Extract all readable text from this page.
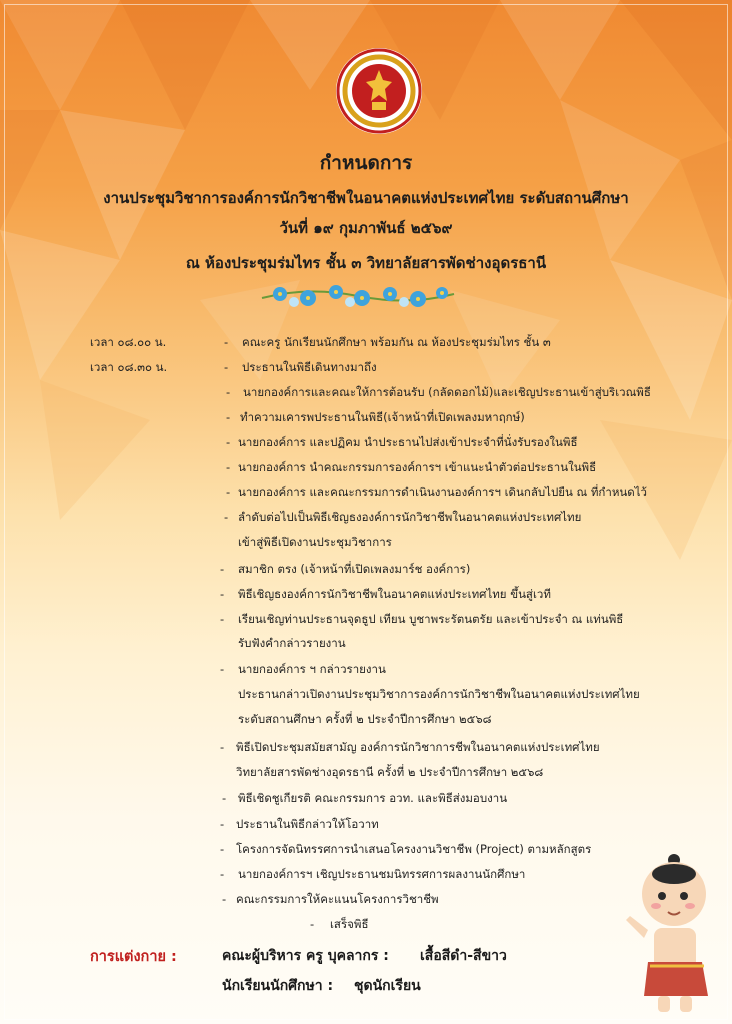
กำหนดการ
งานประชุมวิชาการองค์การนักวิชาชีพในอนาคตแห่งประเทศไทย ระดับสถานศึกษา
วันที่ ๑๙ กุมภาพันธ์ ๒๕๖๙
ณ ห้องประชุมร่มไทร ชั้น ๓ วิทยาลัยสารพัดช่างอุดรธานี
เวลา ๐๘.๐๐ น.	- คณะครู นักเรียนนักศึกษา พร้อมกัน ณ ห้องประชุมร่มไทร ชั้น ๓
เวลา ๐๘.๓๐ น.	- ประธานในพิธีเดินทางมาถึง
- นายกองค์การและคณะให้การต้อนรับ (กลัดดอกไม้)และเชิญประธานเข้าสู่บริเวณพิธี
- ทำความเคารพประธานในพิธี(เจ้าหน้าที่เปิดเพลงมหาฤกษ์)
- นายกองค์การ และปฏิคม นำประธานไปส่งเข้าประจำที่นั่งรับรองในพิธี
- นายกองค์การ นำคณะกรรมการองค์การฯ เข้าแนะนำตัวต่อประธานในพิธี
- นายกองค์การ และคณะกรรมการดำเนินงานองค์การฯ เดินกลับไปยืน ณ ที่กำหนดไว้
- ลำดับต่อไปเป็นพิธีเชิญธงองค์การนักวิชาชีพในอนาคตแห่งประเทศไทย
เข้าสู่พิธีเปิดงานประชุมวิชาการ
- สมาชิก ตรง (เจ้าหน้าที่เปิดเพลงมาร์ช องค์การ)
- พิธีเชิญธงองค์การนักวิชาชีพในอนาคตแห่งประเทศไทย ขึ้นสู่เวที
- เรียนเชิญท่านประธานจุดธูป เทียน บูชาพระรัตนตรัย และเข้าประจำ ณ แท่นพิธี
รับฟังคำกล่าวรายงาน
- นายกองค์การ ฯ กล่าวรายงาน
ประธานกล่าวเปิดงานประชุมวิชาการองค์การนักวิชาชีพในอนาคตแห่งประเทศไทย
ระดับสถานศึกษา ครั้งที่ ๒ ประจำปีการศึกษา ๒๕๖๘
- พิธีเปิดประชุมสมัยสามัญ องค์การนักวิชาการชีพในอนาคตแห่งประเทศไทย
วิทยาลัยสารพัดช่างอุดรธานี ครั้งที่ ๒ ประจำปีการศึกษา ๒๕๖๘
- พิธีเชิดชูเกียรติ คณะกรรมการ อวท. และพิธีส่งมอบงาน
- ประธานในพิธีกล่าวให้โอวาท
- โครงการจัดนิทรรศการนำเสนอโครงงานวิชาชีพ (Project) ตามหลักสูตร
- นายกองค์การฯ เชิญประธานชมนิทรรศการผลงานนักศึกษา
- คณะกรรมการให้คะแนนโครงการวิชาชีพ
- เสร็จพิธี
การแต่งกาย :	คณะผู้บริหาร ครู บุคลากร : เสื้อสีดำ-สีขาว
นักเรียนนักศึกษา : ชุดนักเรียน
